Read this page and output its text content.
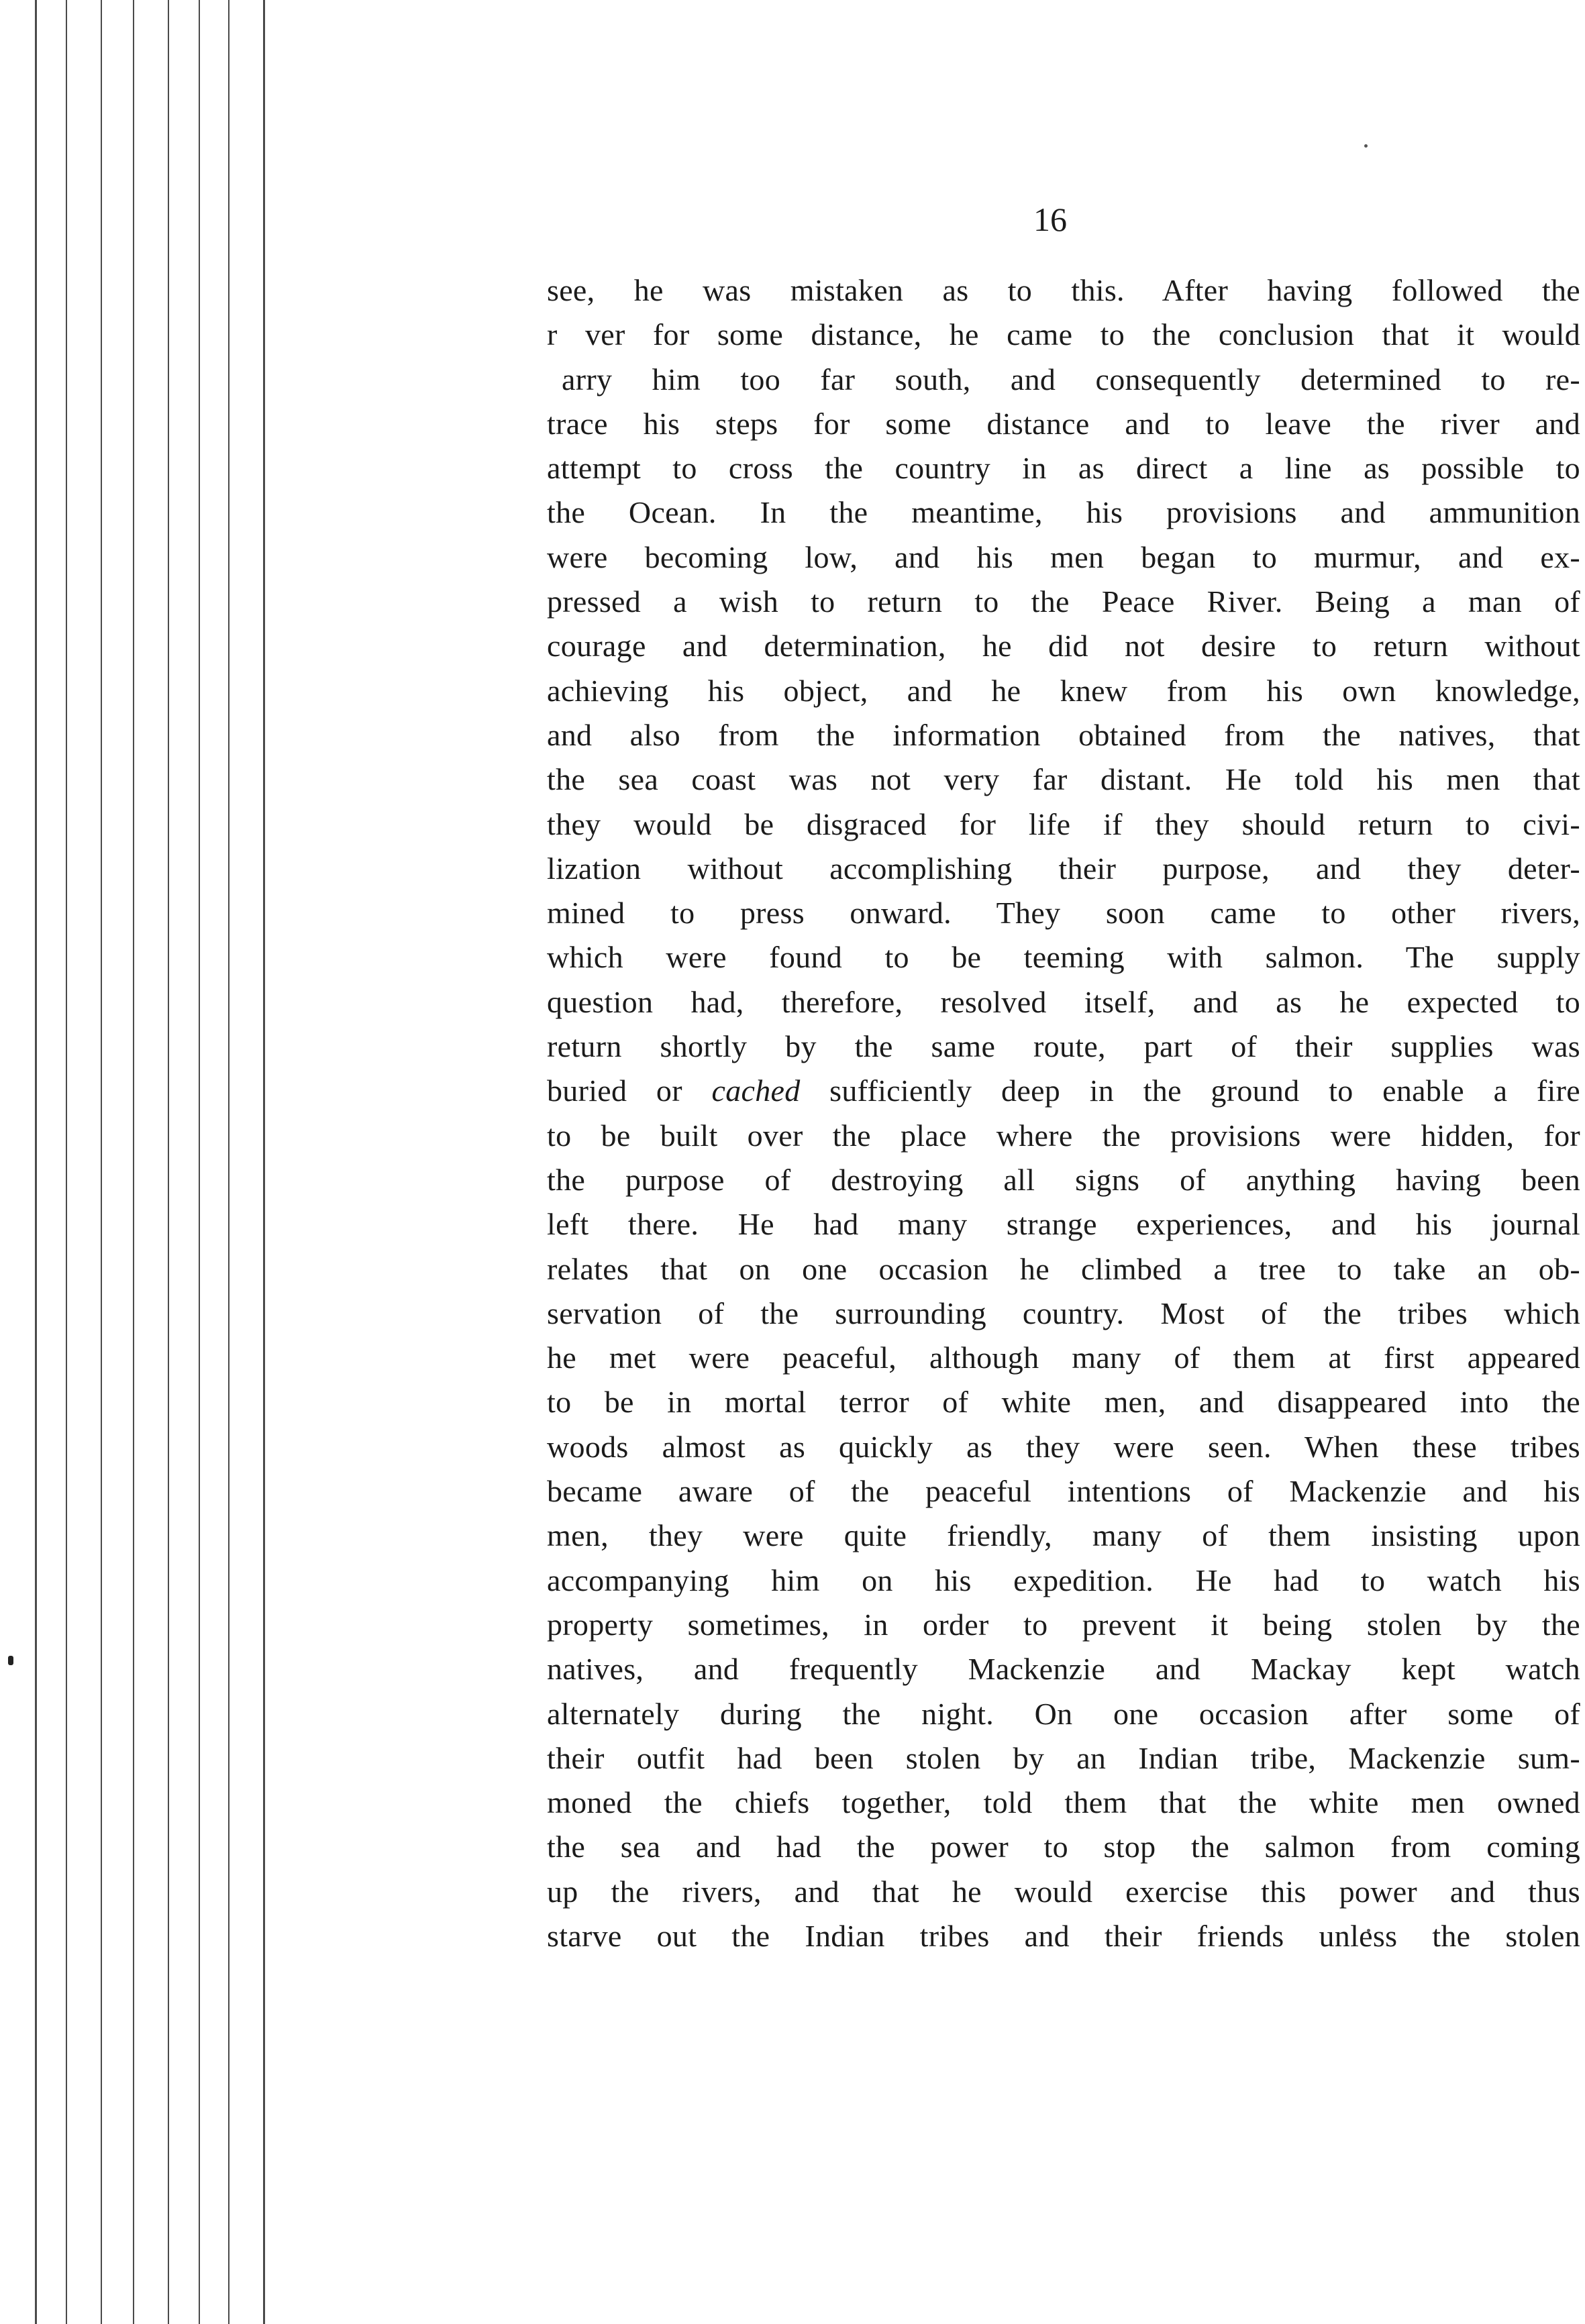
16
see, he was mistaken as to this. After having followed the
r ver for some distance, he came to the conclusion that it would
arry him too far south, and consequently determined to re-
trace his steps for some distance and to leave the river and
attempt to cross the country in as direct a line as possible to
the Ocean. In the meantime, his provisions and ammunition
were becoming low, and his men began to murmur, and ex-
pressed a wish to return to the Peace River. Being a man of
courage and determination, he did not desire to return without
achieving his object, and he knew from his own knowledge,
and also from the information obtained from the natives, that
the sea coast was not very far distant. He told his men that
they would be disgraced for life if they should return to civi-
lization without accomplishing their purpose, and they deter-
mined to press onward. They soon came to other rivers,
which were found to be teeming with salmon. The supply
question had, therefore, resolved itself, and as he expected to
return shortly by the same route, part of their supplies was
buried or cached sufficiently deep in the ground to enable a fire
to be built over the place where the provisions were hidden, for
the purpose of destroying all signs of anything having been
left there. He had many strange experiences, and his journal
relates that on one occasion he climbed a tree to take an ob-
servation of the surrounding country. Most of the tribes which
he met were peaceful, although many of them at first appeared
to be in mortal terror of white men, and disappeared into the
woods almost as quickly as they were seen. When these tribes
became aware of the peaceful intentions of Mackenzie and his
men, they were quite friendly, many of them insisting upon
accompanying him on his expedition. He had to watch his
property sometimes, in order to prevent it being stolen by the
natives, and frequently Mackenzie and Mackay kept watch
alternately during the night. On one occasion after some of
their outfit had been stolen by an Indian tribe, Mackenzie sum-
moned the chiefs together, told them that the white men owned
the sea and had the power to stop the salmon from coming
up the rivers, and that he would exercise this power and thus
starve out the Indian tribes and their friends unless the stolen
